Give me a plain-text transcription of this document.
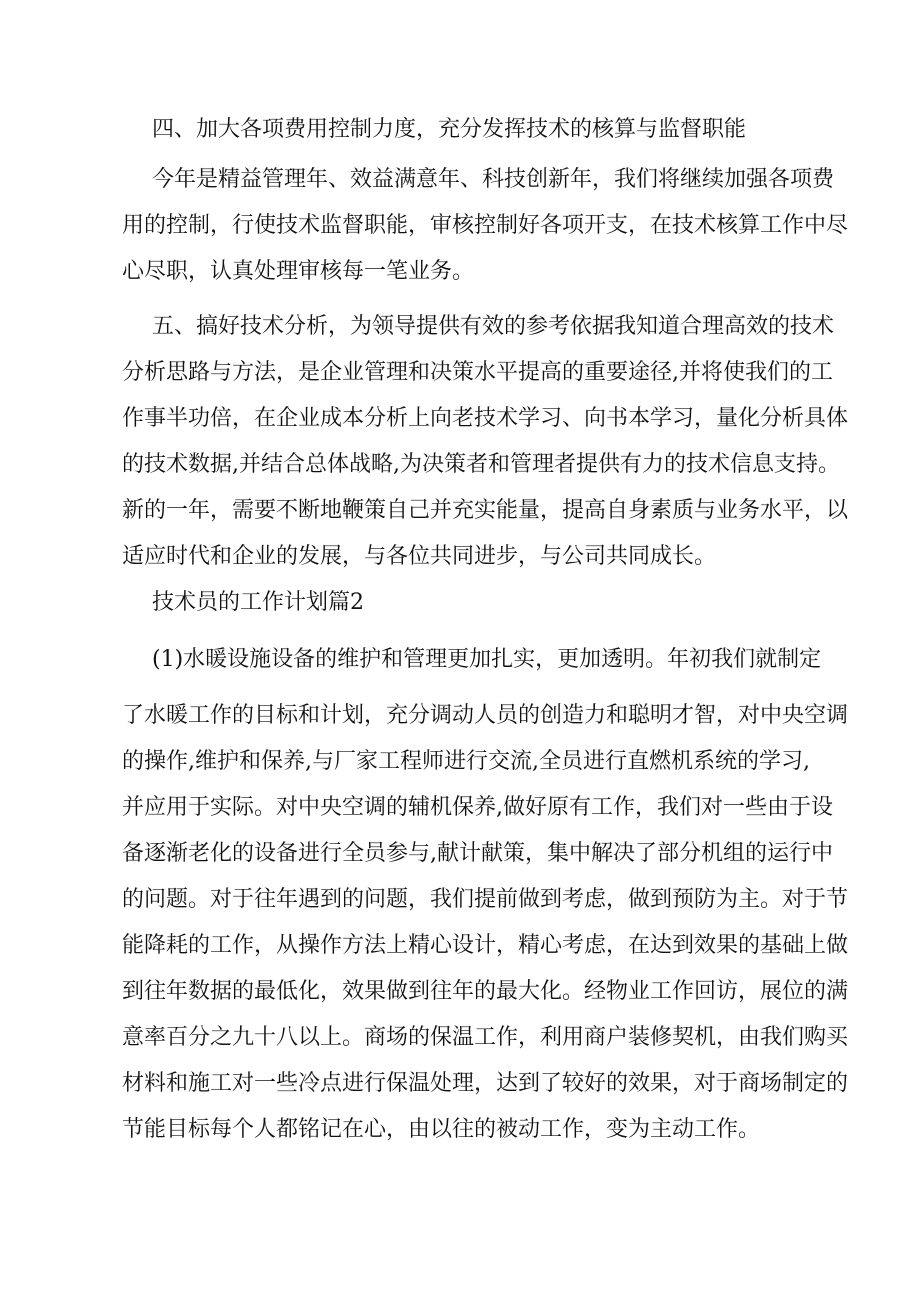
四、加大各项费用控制力度，充分发挥技术的核算与监督职能
今年是精益管理年、效益满意年、科技创新年，我们将继续加强各项费
用的控制，行使技术监督职能，审核控制好各项开支，在技术核算工作中尽
心尽职，认真处理审核每一笔业务。
五、搞好技术分析，为领导提供有效的参考依据我知道合理高效的技术
分析思路与方法，是企业管理和决策水平提高的重要途径,并将使我们的工
作事半功倍，在企业成本分析上向老技术学习、向书本学习，量化分析具体
的技术数据,并结合总体战略,为决策者和管理者提供有力的技术信息支持。
新的一年，需要不断地鞭策自己并充实能量，提高自身素质与业务水平，以
适应时代和企业的发展，与各位共同进步，与公司共同成长。
技术员的工作计划篇2
(1)水暖设施设备的维护和管理更加扎实，更加透明。年初我们就制定
了水暖工作的目标和计划，充分调动人员的创造力和聪明才智，对中央空调
的操作,维护和保养,与厂家工程师进行交流,全员进行直燃机系统的学习,
并应用于实际。对中央空调的辅机保养,做好原有工作，我们对一些由于设
备逐渐老化的设备进行全员参与,献计献策，集中解决了部分机组的运行中
的问题。对于往年遇到的问题，我们提前做到考虑，做到预防为主。对于节
能降耗的工作，从操作方法上精心设计，精心考虑，在达到效果的基础上做
到往年数据的最低化，效果做到往年的最大化。经物业工作回访，展位的满
意率百分之九十八以上。商场的保温工作，利用商户装修契机，由我们购买
材料和施工对一些冷点进行保温处理，达到了较好的效果，对于商场制定的
节能目标每个人都铭记在心，由以往的被动工作，变为主动工作。
